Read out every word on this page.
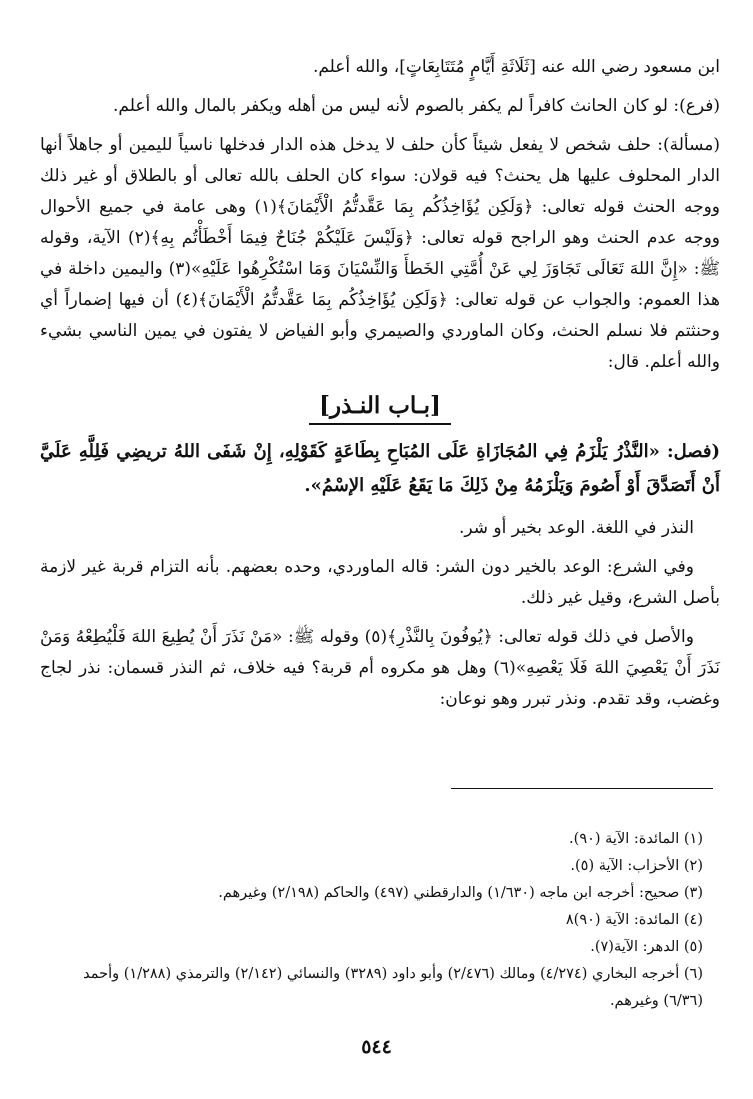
ابن مسعود رضي الله عنه [ثَلَاثَةِ أَيَّامٍ مُتَتَابِعَاتٍ]، والله أعلم.

(فرع): لو كان الحانث كافراً لم يكفر بالصوم لأنه ليس من أهله ويكفر بالمال والله أعلم.

(مسألة): حلف شخص لا يفعل شيئاً كأن حلف لا يدخل هذه الدار فدخلها ناسياً لليمين أو جاهلاً أنها الدار المحلوف عليها هل يحنث؟ فيه قولان: سواء كان الحلف بالله تعالى أو بالطلاق أو غير ذلك ووجه الحنث قوله تعالى: ﴿وَلَكِن يُؤَاخِذُكُم بِمَا عَقَّدتُّمُ الْأَيْمَانَ﴾(١) وهى عامة في جميع الأحوال ووجه عدم الحنث وهو الراجح قوله تعالى: ﴿وَلَيْسَ عَلَيْكُمْ جُنَاحٌ فِيمَا أَخْطَأْتُم بِهِ﴾(٢) الآية، وقوله ﷺ: «إِنَّ اللهَ تَعَالَى تَجَاوَزَ لِي عَنْ أُمَّتِي الخَطأَ وَالنِّسْيَانَ وَمَا اسْتُكْرِهُوا عَلَيْهِ»(٣) واليمين داخلة في هذا العموم: والجواب عن قوله تعالى: ﴿وَلَكِن يُؤَاخِذُكُم بِمَا عَقَّدتُّمُ الْأَيْمَانَ﴾(٤) أن فيها إضماراً أي وحنثتم فلا نسلم الحنث، وكان الماوردي والصيمري وأبو الفياض لا يفتون في يمين الناسي بشيء والله أعلم. قال:

[بـاب النـذر]

(فصل: «النَّذْرُ يَلْزَمُ فِي المُجَازَاةِ عَلَى المُبَاحِ بِطَاعَةٍ كَقَوْلِهِ، إِنْ شَفَى اللهُ تريضِي فَلِلَّهِ عَلَيَّ أَنْ أَتَصَدَّقَ أَوْ أَصُومَ وَيَلْزَمُهُ مِنْ ذَلِكَ مَا يَقَعُ عَلَيْهِ الإسْمُ».

النذر في اللغة. الوعد بخير أو شر.

وفي الشرع: الوعد بالخير دون الشر: قاله الماوردي، وحده بعضهم. بأنه التزام قربة غير لازمة بأصل الشرع، وقيل غير ذلك.

والأصل في ذلك قوله تعالى: ﴿يُوفُونَ بِالنَّذْرِ﴾(٥) وقوله ﷺ: «مَنْ نَذَرَ أَنْ يُطِيعَ اللهَ فَلْيُطِعْهُ وَمَنْ نَذَرَ أَنْ يَعْصِيَ اللهَ فَلَا يَعْصِهِ»(٦) وهل هو مكروه أم قربة؟ فيه خلاف، ثم النذر قسمان: نذر لجاج وغضب، وقد تقدم. ونذر تبرر وهو نوعان:

(١) المائدة: الآية (٩٠).

(٢) الأحزاب: الآية (٥).

(٣) صحيح: أخرجه ابن ماجه (١/٦٣٠) والدارقطني (٤٩٧) والحاكم (٢/١٩٨) وغيرهم.

(٤) المائدة: الآية (٩٠)٨

(٥) الدهر: الآية(٧).

(٦) أخرجه البخاري (٤/٢٧٤) ومالك (٢/٤٧٦) وأبو داود (٣٢٨٩) والنسائي (٢/١٤٢) والترمذي (١/٢٨٨) وأحمد (٦/٣٦) وغيرهم.

٥٤٤
